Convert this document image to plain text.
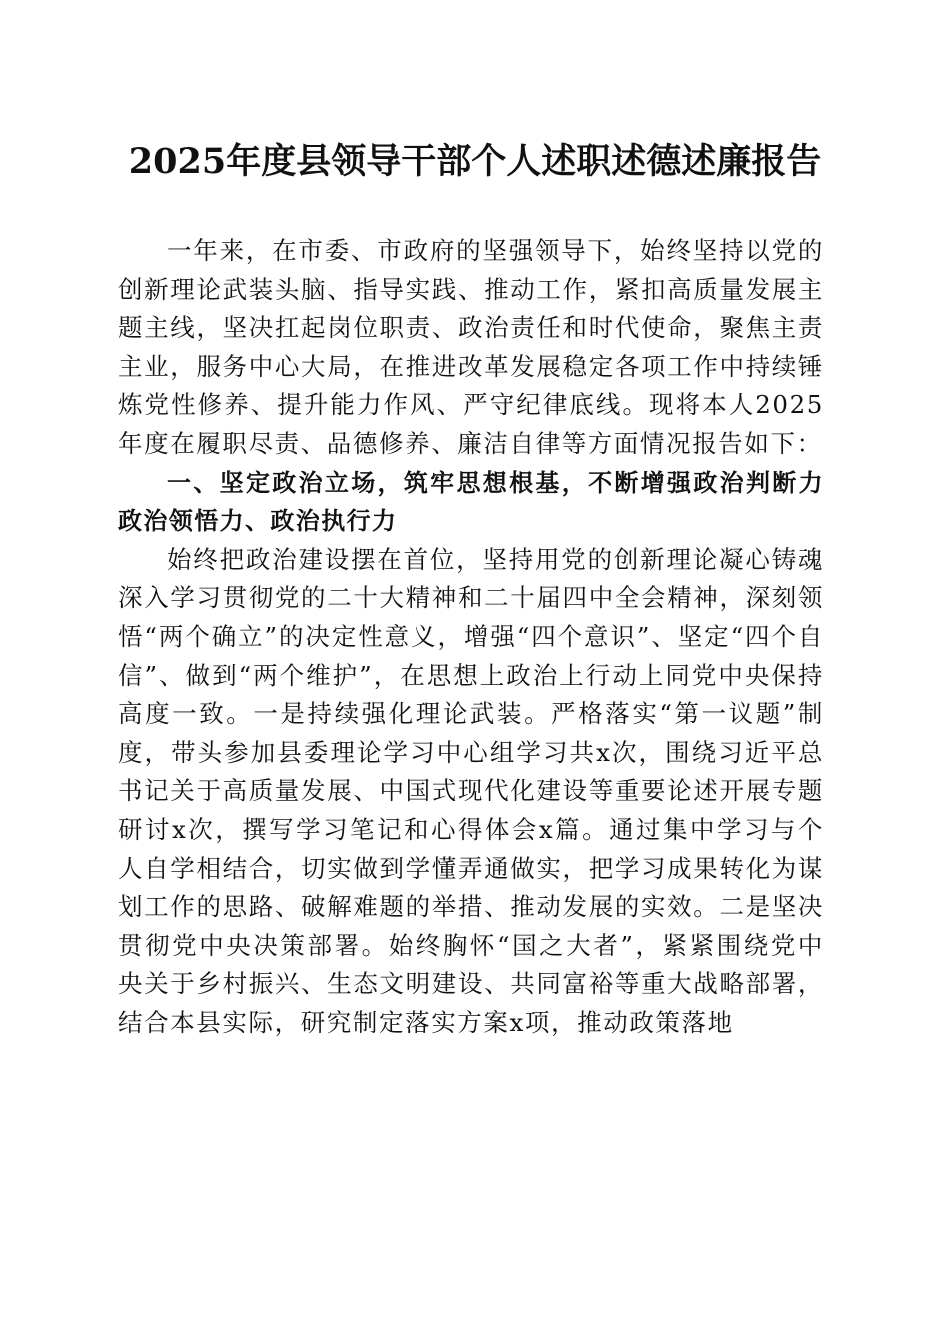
2025年度县领导干部个人述职述德述廉报告

一年来，在市委、市政府的坚强领导下，始终坚持以党的创新理论武装头脑、指导实践、推动工作，紧扣高质量发展主题主线，坚决扛起岗位职责、政治责任和时代使命，聚焦主责主业，服务中心大局，在推进改革发展稳定各项工作中持续锤炼党性修养、提升能力作风、严守纪律底线。现将本人2025年度在履职尽责、品德修养、廉洁自律等方面情况报告如下：

一、坚定政治立场，筑牢思想根基，不断增强政治判断力政治领悟力、政治执行力

始终把政治建设摆在首位，坚持用党的创新理论凝心铸魂深入学习贯彻党的二十大精神和二十届四中全会精神，深刻领悟“两个确立”的决定性意义，增强“四个意识”、坚定“四个自信”、做到“两个维护”，在思想上政治上行动上同党中央保持高度一致。一是持续强化理论武装。严格落实“第一议题”制度，带头参加县委理论学习中心组学习共x次，围绕习近平总书记关于高质量发展、中国式现代化建设等重要论述开展专题研讨x次，撰写学习笔记和心得体会x篇。通过集中学习与个人自学相结合，切实做到学懂弄通做实，把学习成果转化为谋划工作的思路、破解难题的举措、推动发展的实效。二是坚决贯彻党中央决策部署。始终胸怀“国之大者”，紧紧围绕党中央关于乡村振兴、生态文明建设、共同富裕等重大战略部署，结合本县实际，研究制定落实方案x项，推动政策落地
